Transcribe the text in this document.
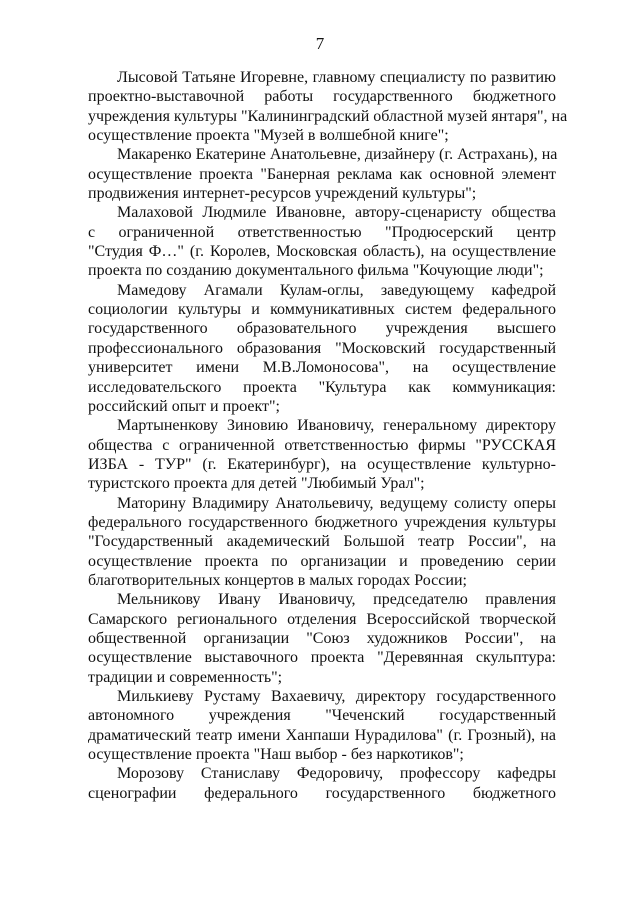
7
Лысовой Татьяне Игоревне, главному специалисту по развитию
проектно-выставочной работы государственного бюджетного
учреждения культуры "Калининградский областной музей янтаря", на
осуществление проекта "Музей в волшебной книге";
Макаренко Екатерине Анатольевне, дизайнеру (г. Астрахань), на
осуществление проекта "Банерная реклама как основной элемент
продвижения интернет-ресурсов учреждений культуры";
Малаховой Людмиле Ивановне, автору-сценаристу общества
с ограниченной ответственностью "Продюсерский центр
"Студия Ф…" (г. Королев, Московская область), на осуществление
проекта по созданию документального фильма "Кочующие люди";
Мамедову Агамали Кулам-оглы, заведующему кафедрой
социологии культуры и коммуникативных систем федерального
государственного образовательного учреждения высшего
профессионального образования "Московский государственный
университет имени М.В.Ломоносова", на осуществление
исследовательского проекта "Культура как коммуникация:
российский опыт и проект";
Мартыненкову Зиновию Ивановичу, генеральному директору
общества с ограниченной ответственностью фирмы "РУССКАЯ
ИЗБА - ТУР" (г. Екатеринбург), на осуществление культурно-
туристского проекта для детей "Любимый Урал";
Маторину Владимиру Анатольевичу, ведущему солисту оперы
федерального государственного бюджетного учреждения культуры
"Государственный академический Большой театр России", на
осуществление проекта по организации и проведению серии
благотворительных концертов в малых городах России;
Мельникову Ивану Ивановичу, председателю правления
Самарского регионального отделения Всероссийской творческой
общественной организации "Союз художников России", на
осуществление выставочного проекта "Деревянная скульптура:
традиции и современность";
Милькиеву Рустаму Вахаевичу, директору государственного
автономного учреждения "Чеченский государственный
драматический театр имени Ханпаши Нурадилова" (г. Грозный), на
осуществление проекта "Наш выбор - без наркотиков";
Морозову Станиславу Федоровичу, профессору кафедры
сценографии федерального государственного бюджетного
